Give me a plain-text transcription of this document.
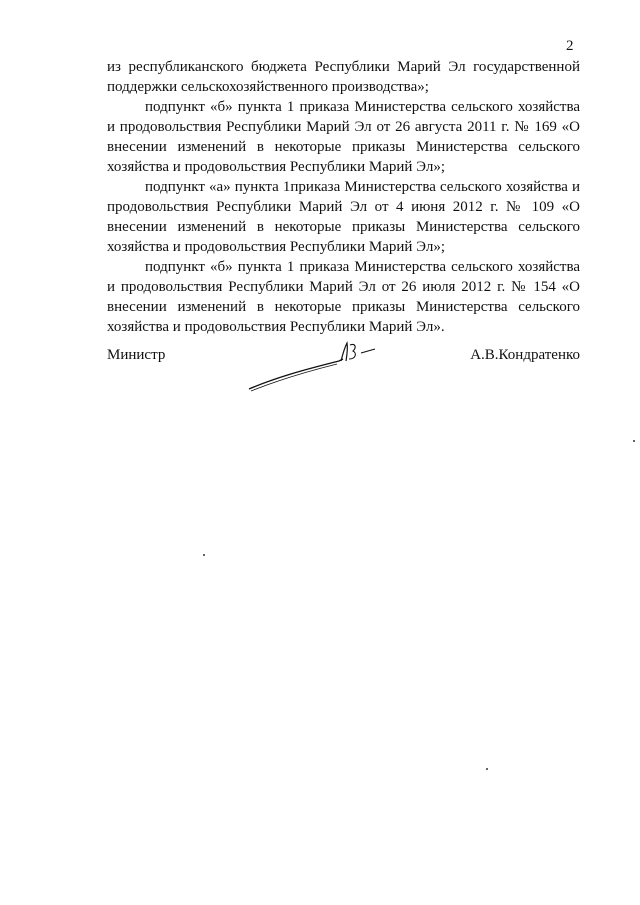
2

из республиканского бюджета Республики Марий Эл государственной поддержки сельскохозяйственного производства»;

подпункт «б» пункта 1 приказа Министерства сельского хозяйства и продовольствия Республики Марий Эл от 26 августа 2011 г. № 169 «О внесении изменений в некоторые приказы Министерства сельского хозяйства и продовольствия Республики Марий Эл»;

подпункт «а» пункта 1приказа Министерства сельского хозяйства и продовольствия Республики Марий Эл от 4 июня 2012 г. № 109 «О внесении изменений в некоторые приказы Министерства сельского хозяйства и продовольствия Республики Марий Эл»;

подпункт «б» пункта 1 приказа Министерства сельского хозяйства и продовольствия Республики Марий Эл от 26 июля 2012 г. № 154 «О внесении изменений в некоторые приказы Министерства сельского хозяйства и продовольствия Республики Марий Эл».

Министр	А.В.Кондратенко
